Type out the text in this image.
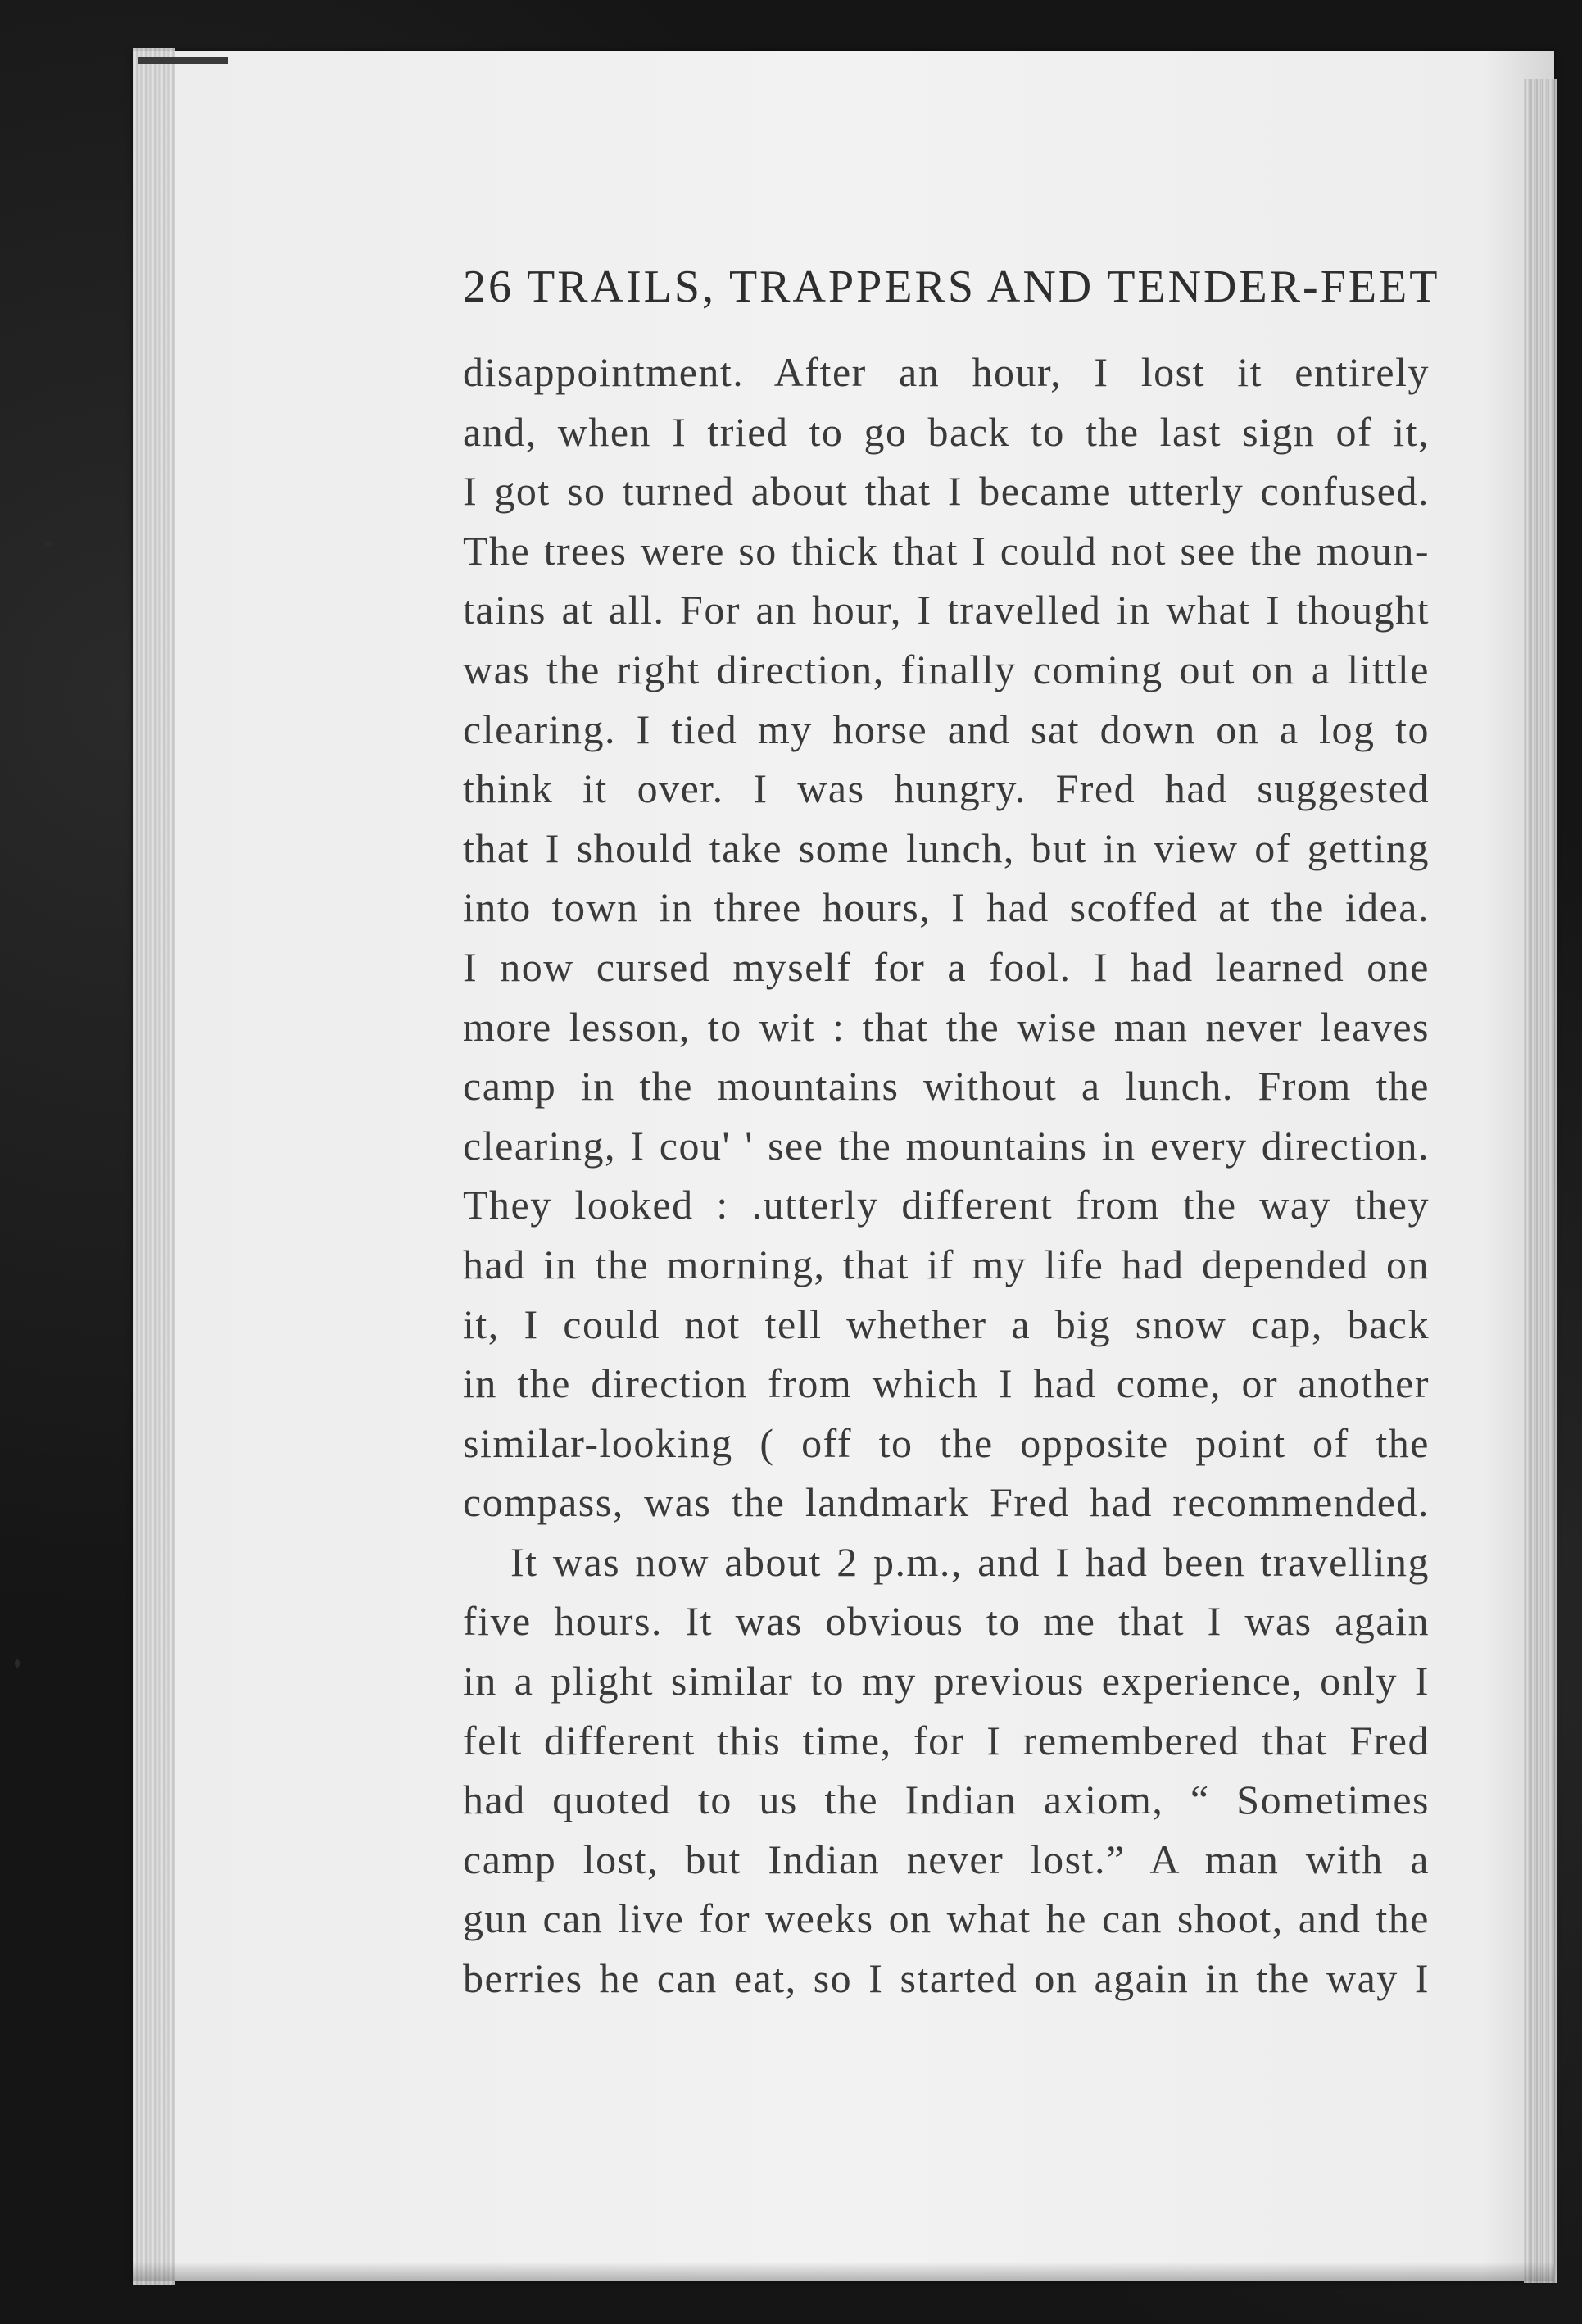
26 TRAILS, TRAPPERS AND TENDER-FEET
disappointment. After an hour, I lost it entirely
and, when I tried to go back to the last sign of it,
I got so turned about that I became utterly confused.
The trees were so thick that I could not see the moun-
tains at all. For an hour, I travelled in what I thought
was the right direction, finally coming out on a little
clearing. I tied my horse and sat down on a log to
think it over. I was hungry. Fred had suggested
that I should take some lunch, but in view of getting
into town in three hours, I had scoffed at the idea.
I now cursed myself for a fool. I had learned one
more lesson, to wit : that the wise man never leaves
camp in the mountains without a lunch. From the
clearing, I cou' ' see the mountains in every direction.
They looked : .utterly different from the way they
had in the morning, that if my life had depended on
it, I could not tell whether a big snow cap, back
in the direction from which I had come, or another
similar-looking ( off to the opposite point of the
compass, was the landmark Fred had recommended.
It was now about 2 p.m., and I had been travelling
five hours. It was obvious to me that I was again
in a plight similar to my previous experience, only I
felt different this time, for I remembered that Fred
had quoted to us the Indian axiom, “ Sometimes
camp lost, but Indian never lost.” A man with a
gun can live for weeks on what he can shoot, and the
berries he can eat, so I started on again in the way I
